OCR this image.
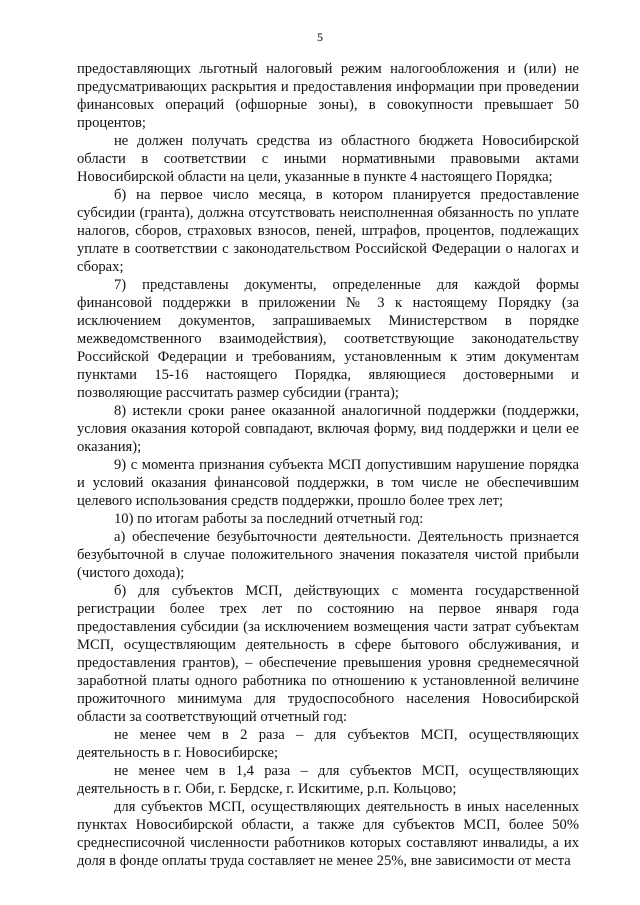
5

предоставляющих льготный налоговый режим налогообложения и (или) не предусматривающих раскрытия и предоставления информации при проведении финансовых операций (офшорные зоны), в совокупности превышает 50 процентов;

не должен получать средства из областного бюджета Новосибирской области в соответствии с иными нормативными правовыми актами Новосибирской области на цели, указанные в пункте 4 настоящего Порядка;

б) на первое число месяца, в котором планируется предоставление субсидии (гранта), должна отсутствовать неисполненная обязанность по уплате налогов, сборов, страховых взносов, пеней, штрафов, процентов, подлежащих уплате в соответствии с законодательством Российской Федерации о налогах и сборах;

7) представлены документы, определенные для каждой формы финансовой поддержки в приложении № 3 к настоящему Порядку (за исключением документов, запрашиваемых Министерством в порядке межведомственного взаимодействия), соответствующие законодательству Российской Федерации и требованиям, установленным к этим документам пунктами 15-16 настоящего Порядка, являющиеся достоверными и позволяющие рассчитать размер субсидии (гранта);

8) истекли сроки ранее оказанной аналогичной поддержки (поддержки, условия оказания которой совпадают, включая форму, вид поддержки и цели ее оказания);

9) с момента признания субъекта МСП допустившим нарушение порядка и условий оказания финансовой поддержки, в том числе не обеспечившим целевого использования средств поддержки, прошло более трех лет;

10) по итогам работы за последний отчетный год:

а) обеспечение безубыточности деятельности. Деятельность признается безубыточной в случае положительного значения показателя чистой прибыли (чистого дохода);

б) для субъектов МСП, действующих с момента государственной регистрации более трех лет по состоянию на первое января года предоставления субсидии (за исключением возмещения части затрат субъектам МСП, осуществляющим деятельность в сфере бытового обслуживания, и предоставления грантов), – обеспечение превышения уровня среднемесячной заработной платы одного работника по отношению к установленной величине прожиточного минимума для трудоспособного населения Новосибирской области за соответствующий отчетный год:

не менее чем в 2 раза – для субъектов МСП, осуществляющих деятельность в г. Новосибирске;

не менее чем в 1,4 раза – для субъектов МСП, осуществляющих деятельность в г. Оби, г. Бердске, г. Искитиме, р.п. Кольцово;

для субъектов МСП, осуществляющих деятельность в иных населенных пунктах Новосибирской области, а также для субъектов МСП, более 50% среднесписочной численности работников которых составляют инвалиды, а их доля в фонде оплаты труда составляет не менее 25%, вне зависимости от места
